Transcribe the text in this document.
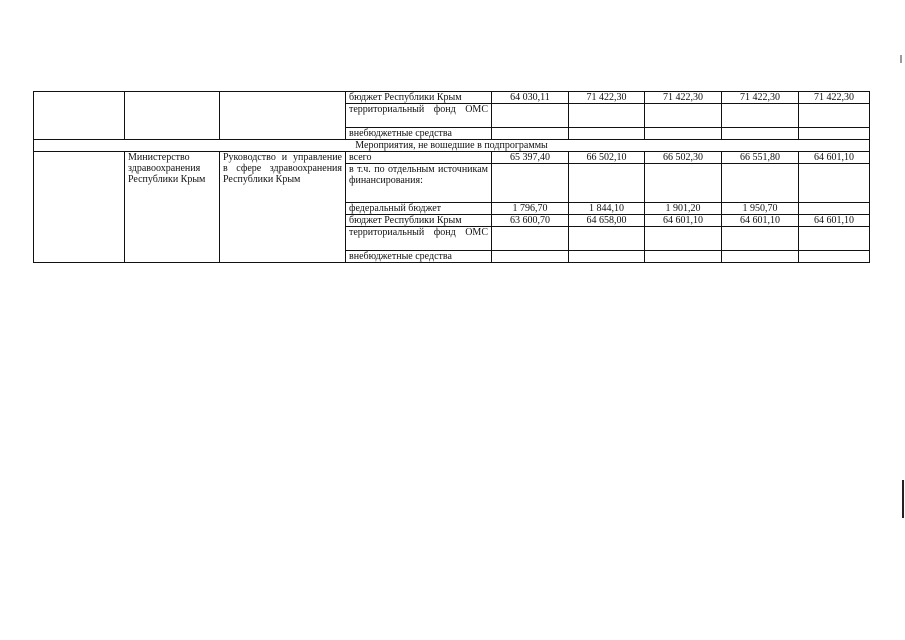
			бюджет Республики Крым	64 030,11	71 422,30	71 422,30	71 422,30	71 422,30
			территориальный фонд ОМС					
			внебюджетные средства					
Мероприятия, не вошедшие в подпрограммы								
	Министерство здравоохранения Республики Крым	Руководство и управление в сфере здравоохранения Республики Крым	всего	65 397,40	66 502,10	66 502,30	66 551,80	64 601,10
			в т.ч. по отдельным источникам финансирования:					
			федеральный бюджет	1 796,70	1 844,10	1 901,20	1 950,70	
			бюджет Республики Крым	63 600,70	64 658,00	64 601,10	64 601,10	64 601,10
			территориальный фонд ОМС					
			внебюджетные средства					
